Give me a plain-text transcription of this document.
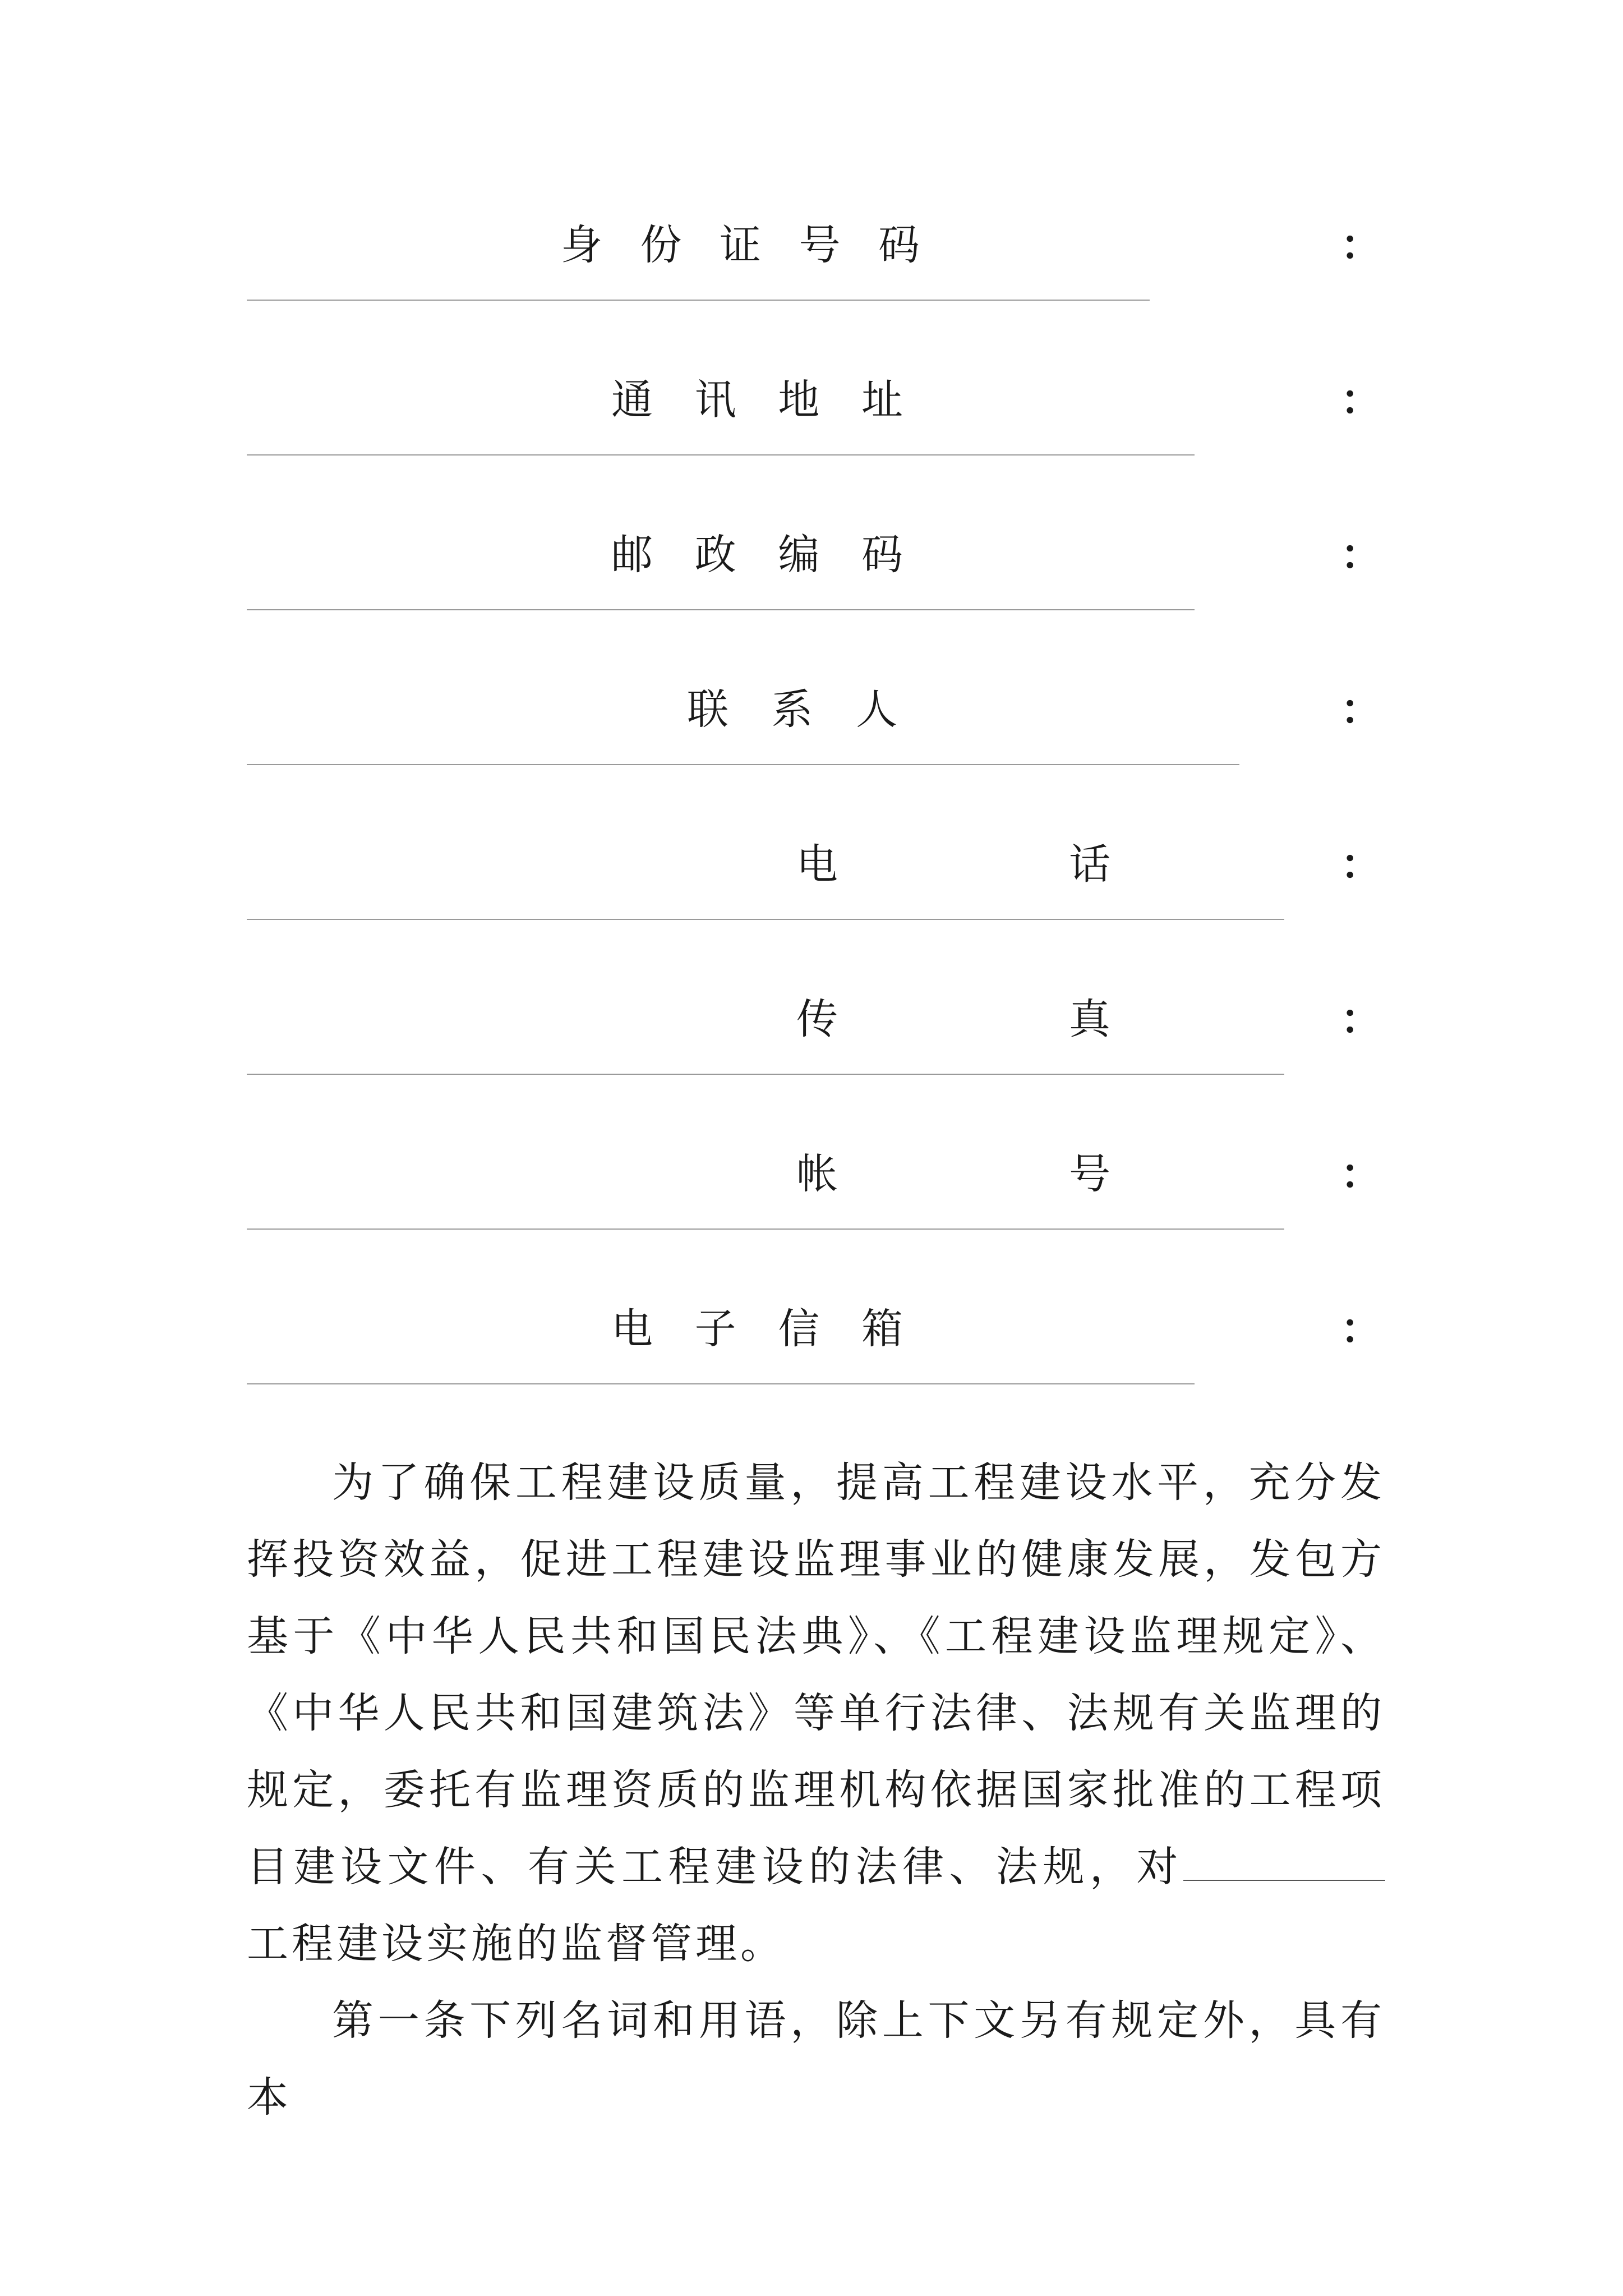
身 份 证 号 码	：
通 讯 地 址	：
邮 政 编 码	：
联 系 人	：
电	话	：
传	真	：
帐	号	：
电 子 信 箱	：

为了确保工程建设质量，提高工程建设水平，充分发挥投资效益，促进工程建设监理事业的健康发展，发包方基于《中华人民共和国民法典》、《工程建设监理规定》、《中华人民共和国建筑法》等单行法律、法规有关监理的规定，委托有监理资质的监理机构依据国家批准的工程项目建设文件、有关工程建设的法律、法规，对工程建设实施的监督管理。

第一条下列名词和用语，除上下文另有规定外，具有本
